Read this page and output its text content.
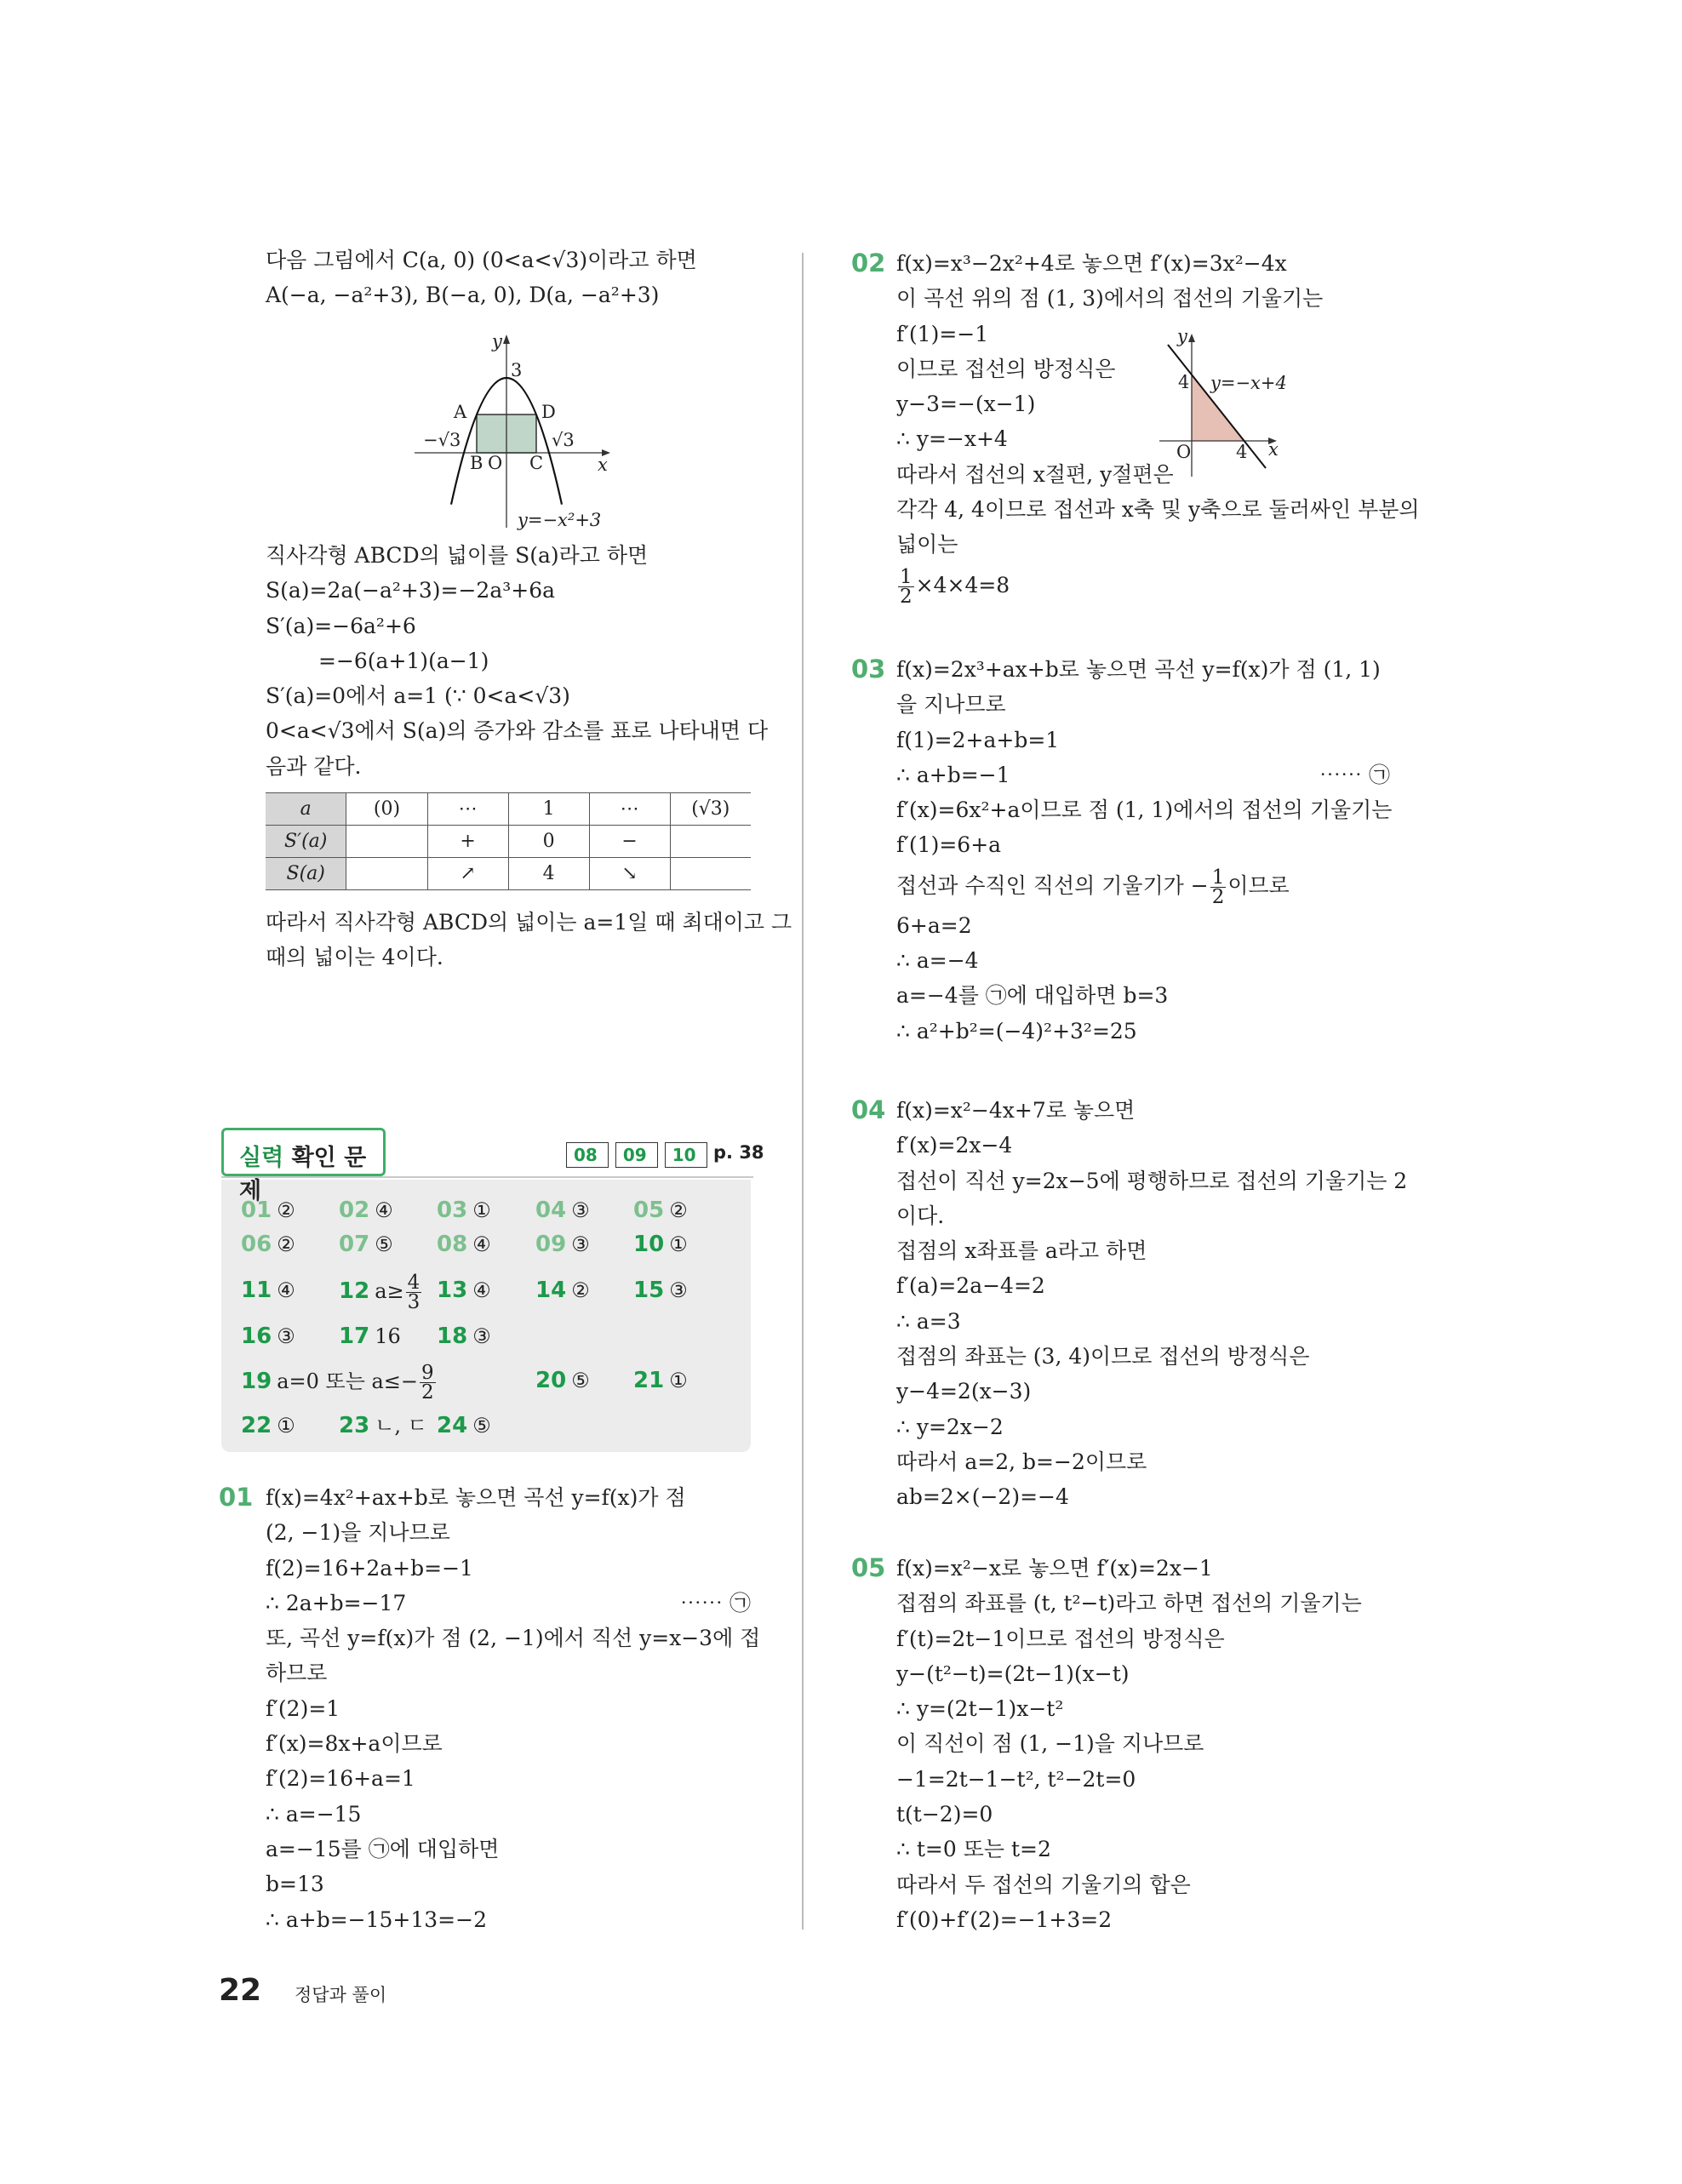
다음 그림에서 C(a, 0) (0<a<√3)이라고 하면
A(−a, −a²+3), B(−a, 0), D(a, −a²+3)
y
3
A	D
−√3	√3
B O C	x
y=−x²+3
직사각형 ABCD의 넓이를 S(a)라고 하면
S(a)=2a(−a²+3)=−2a³+6a
S′(a)=−6a²+6
=−6(a+1)(a−1)
S′(a)=0에서 a=1 (∵ 0<a<√3)
0<a<√3에서 S(a)의 증가와 감소를 표로 나타내면 다
음과 같다.
a	(0)	⋯	1	⋯	(√3)
S′(a)		+	0	−	
S(a)		↗	4	↘	
따라서 직사각형 ABCD의 넓이는 a=1일 때 최대이고 그
때의 넓이는 4이다.
01 ② 02 ④ 03 ① 04 ③ 05 ②
06 ② 07 ⑤ 08 ④ 09 ③ 10 ①
11 ④ 12 $a\ge \frac{4}{3} 13$ ④ 14 ② 15 ③
16 ③ 17 16 18 ③
19 a=0 또는 $a\le- \frac{9}{2}$	20 ⑤ 21 ①
22 ① 23 ㄴ, ㄷ 24 ⑤
실력 확인 문제
08	09	10 p. 38
01 f(x)=4x²+ax+b로 놓으면 곡선 y=f(x)가 점
(2, −1)을 지나므로
f(2)=16+2a+b=−1
∴ 2a+b=−17	⋯⋯ ㉠
또, 곡선 y=f(x)가 점 (2, −1)에서 직선 y=x−3에 접
하므로
f′(2)=1
f′(x)=8x+a이므로
f′(2)=16+a=1
∴ a=−15
a=−15를 ㉠에 대입하면
b=13
∴ a+b=−15+13=−2
02 f(x)=x³−2x²+4로 놓으면 f′(x)=3x²−4x
이 곡선 위의 점 (1, 3)에서의 접선의 기울기는
f′(1)=−1
이므로 접선의 방정식은
y−3=−(x−1)
∴ y=−x+4
따라서 접선의 x절편, y절편은
각각 4, 4이므로 접선과 x축 및 y축으로 둘러싸인 부분의
넓이는
$\frac{1}{2} \times 4\times 4=8$
03 f(x)=2x³+ax+b로 놓으면 곡선 y=f(x)가 점 (1, 1)
을 지나므로
f(1)=2+a+b=1
∴ a+b=−1	⋯⋯ ㉠
f′(x)=6x²+a이므로 점 (1, 1)에서의 접선의 기울기는
f′(1)=6+a
접선과 수직인 직선의 기울기가 − $\frac{1}{2}$ 이므로
6+a=2
∴ a=−4
a=−4를 ㉠에 대입하면 b=3
∴ a²+b²=(−4)²+3²=25
04 f(x)=x²−4x+7로 놓으면
f′(x)=2x−4
접선이 직선 y=2x−5에 평행하므로 접선의 기울기는 2
이다.
접점의 x좌표를 a라고 하면
f′(a)=2a−4=2
∴ a=3
접점의 좌표는 (3, 4)이므로 접선의 방정식은
y−4=2(x−3)
∴ y=2x−2
따라서 a=2, b=−2이므로
ab=2×(−2)=−4
05 f(x)=x²−x로 놓으면 f′(x)=2x−1
접점의 좌표를 (t, t²−t)라고 하면 접선의 기울기는
f′(t)=2t−1이므로 접선의 방정식은
y−(t²−t)=(2t−1)(x−t)
∴ y=(2t−1)x−t²
이 직선이 점 (1, −1)을 지나므로
−1=2t−1−t², t²−2t=0
t(t−2)=0
∴ t=0 또는 t=2
따라서 두 접선의 기울기의 합은
f′(0)+f′(2)=−1+3=2
y
4 y=−x+4
O	4 x
22 정답과 풀이
